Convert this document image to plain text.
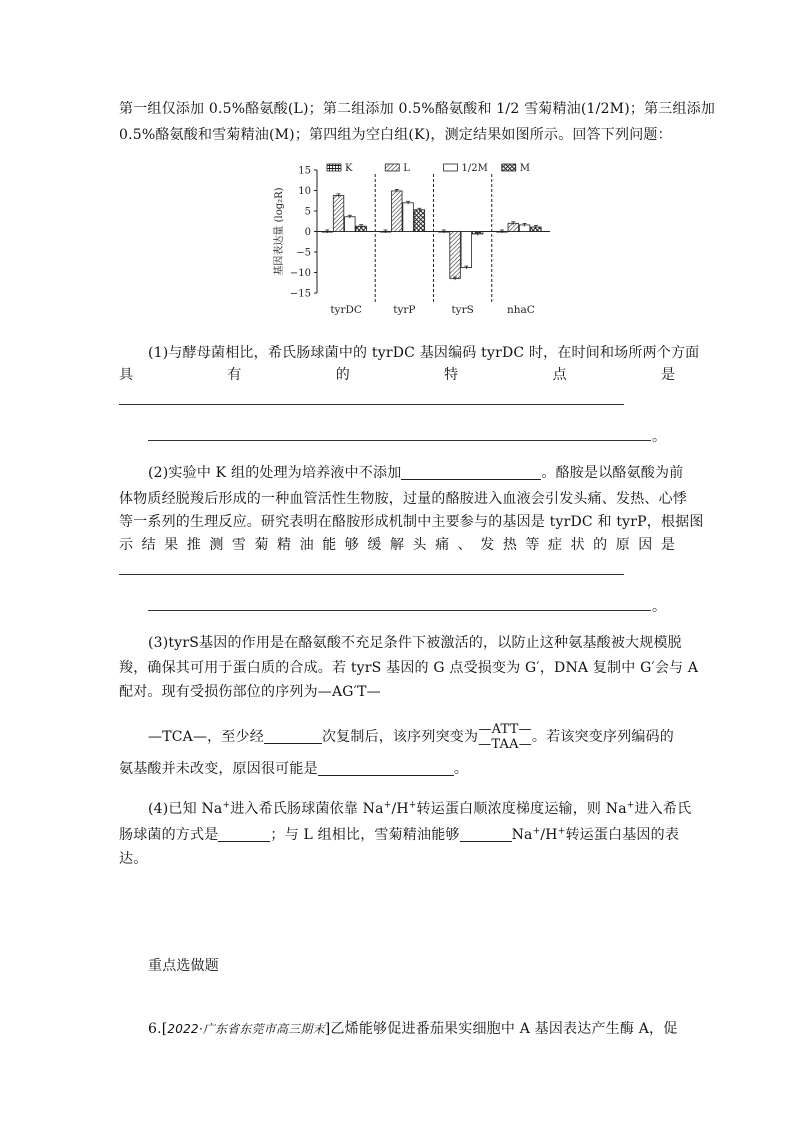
第一组仅添加 0.5%酪氨酸(L)；第二组添加 0.5%酪氨酸和 1/2 雪菊精油(1/2M)；第三组添加

0.5%酪氨酸和雪菊精油(M)；第四组为空白组(K)，测定结果如图所示。回答下列问题：

基因表达量 (log₂R)
15
10
5
0
−5
−10
−15
K	L	1/2M	M
tyrDC	tyrP	tyrS	nhaC

(1)与酵母菌相比，希氏肠球菌中的 tyrDC 基因编码 tyrDC 时，在时间和场所两个方面

具	有	的	特	点	是
。

(2)实验中 K 组的处理为培养液中不添加	。酪胺是以酪氨酸为前

体物质经脱羧后形成的一种血管活性生物胺，过量的酪胺进入血液会引发头痛、发热、心悸

等一系列的生理反应。研究表明在酪胺形成机制中主要参与的基因是 tyrDC 和 tyrP，根据图

示 结 果 推 测 雪 菊 精 油 能 够 缓 解 头 痛 、 发 热 等 症 状 的 原 因 是
。

(3)tyrS基因的作用是在酪氨酸不充足条件下被激活的，以防止这种氨基酸被大规模脱

羧，确保其可用于蛋白质的合成。若 tyrS 基因的 G 点受损变为 G′，DNA 复制中 G′会与 A

配对。现有受损伤部位的序列为—AG′T—

—TCA—，至少经	次复制后，该序列突变为 —ATT—
—TAA— 。若该突变序列编码的

氨基酸并未改变，原因很可能是	。

(4)已知 Na+进入希氏肠球菌依靠 Na+/H+转运蛋白顺浓度梯度运输，则 Na+进入希氏

肠球菌的方式是	；与 L 组相比，雪菊精油能够	Na+/H+转运蛋白基因的表

达。

重点选做题

6.[2022·广东省东莞市高三期末]乙烯能够促进番茄果实细胞中 A 基因表达产生酶 A，促
